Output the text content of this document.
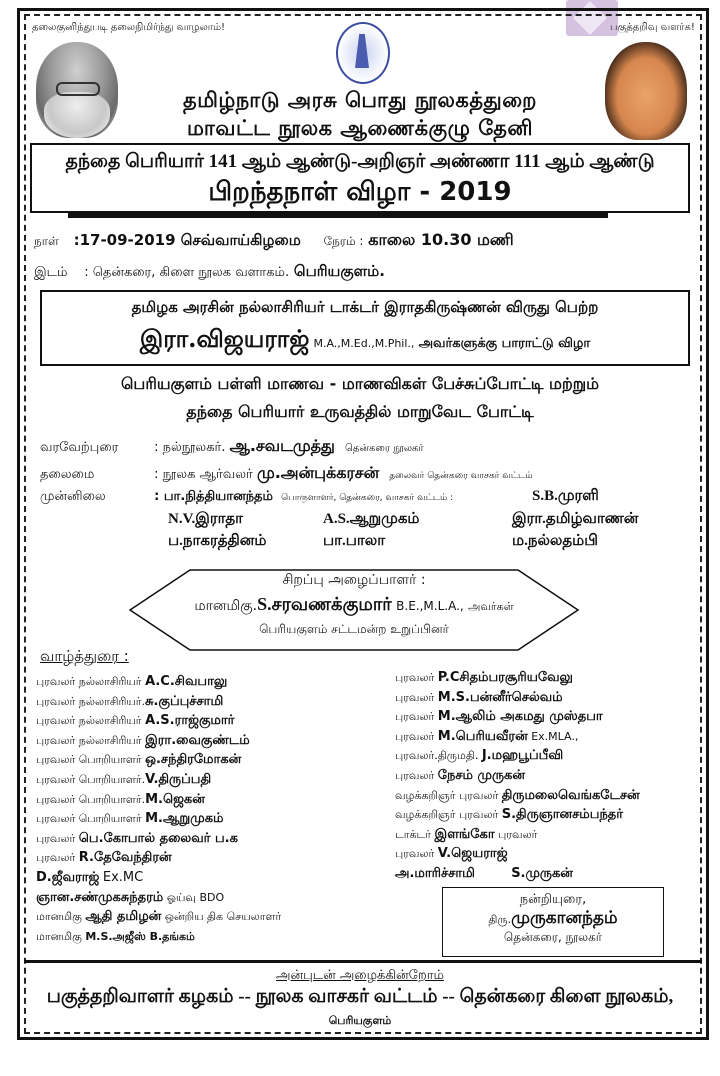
தலைகுனிந்துபடி தலைநிமிர்ந்து வாழலாம்!	பகுத்தறிவு வளர்க!
தமிழ்நாடு அரசு பொது நூலகத்துறை
மாவட்ட நூலக ஆணைக்குழு தேனி
தந்தை பெரியார் 141 ஆம் ஆண்டு-அறிஞர் அண்ணா 111 ஆம் ஆண்டு
பிறந்தநாள் விழா - 2019
நாள் :17-09-2019 செவ்வாய்கிழமை நேரம் : காலை 10.30 மணி
இடம் : தென்கரை, கிளை நூலக வளாகம். பெரியகுளம்.
தமிழக அரசின் நல்லாசிரியர் டாக்டர் இராதகிருஷ்ணன் விருது பெற்ற
இரா.விஜயராஜ் M.A.,M.Ed.,M.Phil., அவர்களுக்கு பாராட்டு விழா
பெரியகுளம் பள்ளி மாணவ - மாணவிகள் பேச்சுப்போட்டி மற்றும்
தந்தை பெரியார் உருவத்தில் மாறுவேட போட்டி
வரவேற்புரை	: நல்நூலகர். ஆ.சவடமுத்து தென்கரை நூலகர்
தலைமை	: நூலக ஆர்வலர் மு.அன்புக்கரசன் தலைவர் தென்கரை வாசகர் வட்டம்
முன்னிலை	: பா.நித்தியானந்தம் பொருளாளர், தென்கரை, வாசகர் வட்டம் :	S.B.முரளி
N.V.இராதா	A.S.ஆறுமுகம்	இரா.தமிழ்வாணன்
ப.நாகரத்தினம்	பா.பாலா	ம.நல்லதம்பி
சிறப்பு அழைப்பாளர் :
மானமிகு.S.சரவணக்குமார் B.E.,M.L.A., அவர்கள்
பெரியகுளம் சட்டமன்ற உறுப்பினர்
வாழ்த்துரை :
புரவலர் நல்லாசிரியர் A.C.சிவபாலு
புரவலர் நல்லாசிரியர்.சு.குப்புச்சாமி
புரவலர் நல்லாசிரியர் A.S.ராஜ்குமார்
புரவலர் நல்லாசிரியர் இரா.வைகுண்டம்
புரவலர் பொறியாளர் ஒ.சந்திரமோகன்
புரவலர் பொறியாளர்.V.திருப்பதி
புரவலர் பொறியாளர்.M.ஜெகன்
புரவலர் பொறியாளர் M.ஆறுமுகம்
புரவலர் பெ.கோபால் தலைவர் ப.க
புரவலர் R.தேவேந்திரன்
D.ஜீவராஜ் Ex.MC
ஞான.சண்முகசுந்தரம் ஓய்வு BDO
மானமிகு ஆதி தமிழன் ஒன்றிய திக செயலாளர்
மானமிகு M.S.அஜீஸ் B.தங்கம்
புரவலர் P.Cசிதம்பரசூரியவேலு
புரவலர் M.S.பன்னீர்செல்வம்
புரவலர் M.ஆலிம் அகமது முஸ்தபா
புரவலர் M.பெரியவீரன் Ex.MLA.,
புரவலர்.திருமதி. J.மஹபூப்பீவி
புரவலர் நேசம் முருகன்
வழக்கறிஞர் புரவலர் திருமலைவெங்கடேசன்
வழக்கறிஞர் புரவலர் S.திருஞானசம்பந்தர்
டாக்டர் இளங்கோ புரவலர்
புரவலர் V.ஜெயராஜ்
அ.மாரிச்சாமி        S.முருகன்
நன்றியுரை,
திரு.முருகானந்தம்
தென்கரை, நூலகர்
அன்புடன் அழைக்கின்றோம்
பகுத்தறிவாளர் கழகம் -- நூலக வாசகர் வட்டம் -- தென்கரை கிளை நூலகம்,
பெரியகுளம்
